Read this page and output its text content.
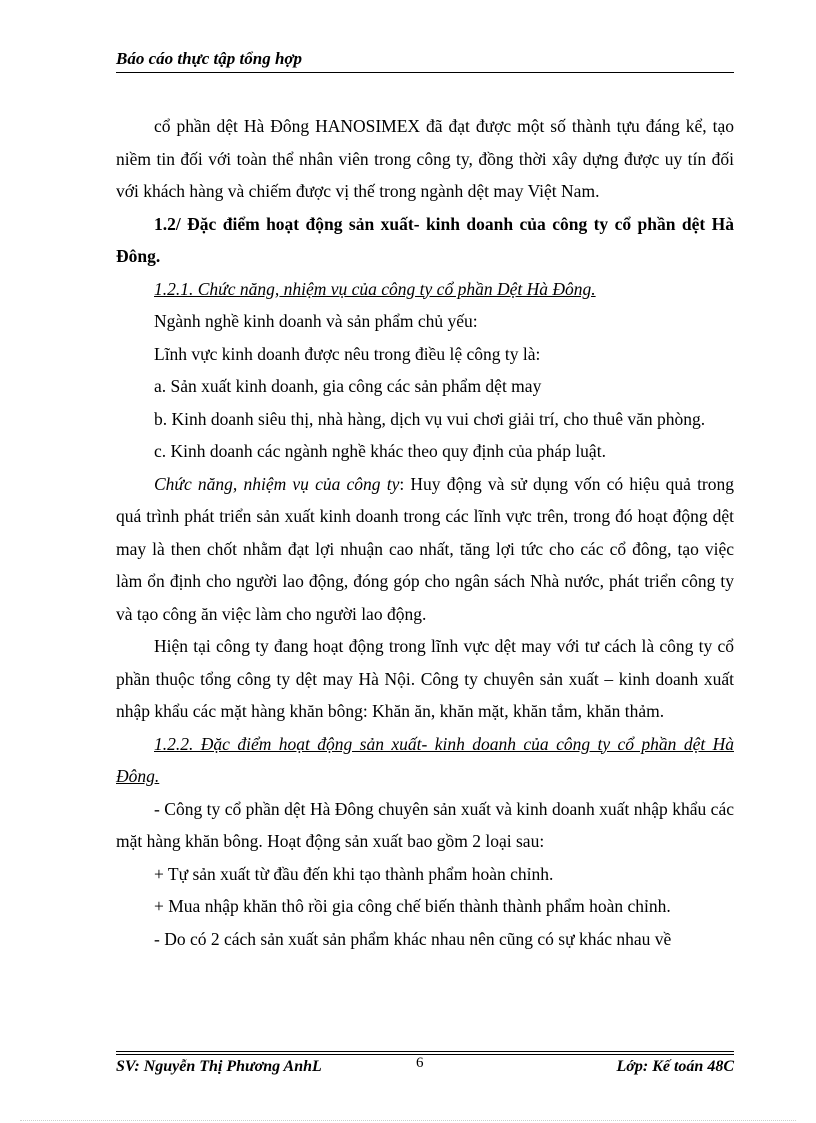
Báo cáo thực tập tổng hợp

cổ phần dệt Hà Đông HANOSIMEX đã đạt được một số thành tựu đáng kể, tạo niềm tin đối với toàn thể nhân viên trong công ty, đồng thời xây dựng được uy tín đối với khách hàng và chiếm được vị thế trong ngành dệt may Việt Nam.

1.2/ Đặc điểm hoạt động sản xuất- kinh doanh của công ty cổ phần dệt Hà Đông.

1.2.1. Chức năng, nhiệm vụ của công ty cổ phần Dệt Hà Đông.

Ngành nghề kinh doanh và sản phẩm chủ yếu:

Lĩnh vực kinh doanh được nêu trong điều lệ công ty là:

a. Sản xuất kinh doanh, gia công các sản phẩm dệt may

b. Kinh doanh siêu thị, nhà hàng, dịch vụ vui chơi giải trí, cho thuê văn phòng.

c. Kinh doanh các ngành nghề khác theo quy định của pháp luật.

Chức năng, nhiệm vụ của công ty: Huy động và sử dụng vốn có hiệu quả trong quá trình phát triển sản xuất kinh doanh trong các lĩnh vực trên, trong đó hoạt động dệt may là then chốt nhằm đạt lợi nhuận cao nhất, tăng lợi tức cho các cổ đông, tạo việc làm ổn định cho người lao động, đóng góp cho ngân sách Nhà nước, phát triển công ty và tạo công ăn việc làm cho người lao động.

Hiện tại công ty đang hoạt động trong lĩnh vực dệt may với tư cách là công ty cổ phần thuộc tổng công ty dệt may Hà Nội. Công ty chuyên sản xuất – kinh doanh xuất nhập khẩu các mặt hàng khăn bông: Khăn ăn, khăn mặt, khăn tắm, khăn thảm.

1.2.2. Đặc điểm hoạt động sản xuất- kinh doanh của công ty cổ phần dệt Hà Đông.

- Công ty cổ phần dệt Hà Đông chuyên sản xuất và kinh doanh xuất nhập khẩu các mặt hàng khăn bông. Hoạt động sản xuất bao gồm 2 loại sau:

+ Tự sản xuất từ đầu đến khi tạo thành phẩm hoàn chỉnh.

+ Mua nhập khăn thô rồi gia công chế biến thành thành phẩm hoàn chỉnh.

- Do có 2 cách sản xuất sản phẩm khác nhau nên cũng có sự khác nhau về

SV: Nguyễn Thị Phương AnhL	6	Lớp: Kế toán 48C
